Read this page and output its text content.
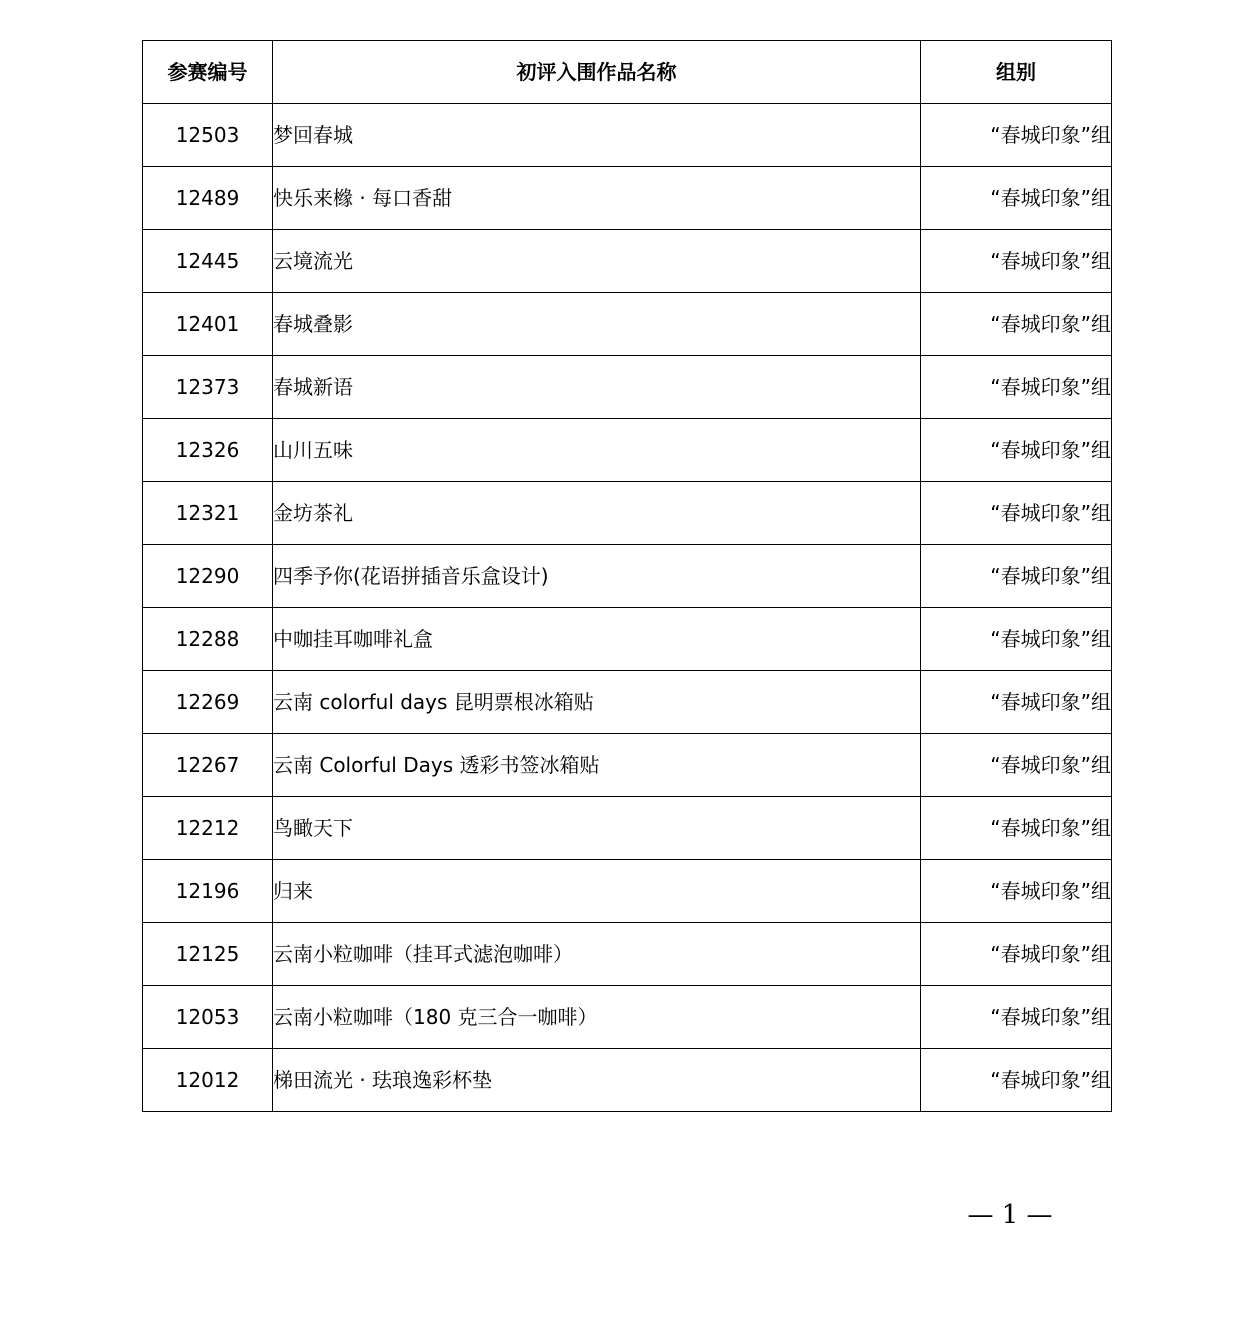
参赛编号	初评入围作品名称	组别
12503	梦回春城	“春城印象”组
12489	快乐来橼 · 每口香甜	“春城印象”组
12445	云境流光	“春城印象”组
12401	春城叠影	“春城印象”组
12373	春城新语	“春城印象”组
12326	山川五味	“春城印象”组
12321	金坊茶礼	“春城印象”组
12290	四季予你(花语拼插音乐盒设计)	“春城印象”组
12288	中咖挂耳咖啡礼盒	“春城印象”组
12269	云南 colorful days 昆明票根冰箱贴	“春城印象”组
12267	云南 Colorful Days 透彩书签冰箱贴	“春城印象”组
12212	鸟瞰天下	“春城印象”组
12196	归来	“春城印象”组
12125	云南小粒咖啡（挂耳式滤泡咖啡）	“春城印象”组
12053	云南小粒咖啡（180 克三合一咖啡）	“春城印象”组
12012	梯田流光 · 珐琅逸彩杯垫	“春城印象”组
— 1 —
